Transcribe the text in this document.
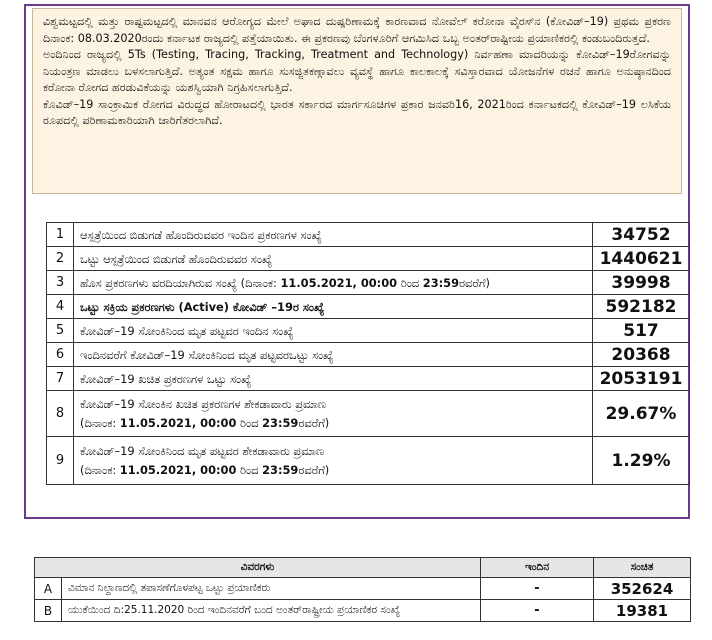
ವಿಶ್ವಮಟ್ಟದಲ್ಲಿ ಮತ್ತು ರಾಷ್ಟಮಟ್ಟದಲ್ಲಿ ಮಾನವನ ಆರೋಗ್ಯದ ಮೇಲೆ ಅಘಾದ ದುಷ್ಪರಿಣಾಮಕ್ಕೆ ಕಾರಣವಾದ ನೋವೆಲ್ ಕರೋನಾ ವೈರಸ್‌ನ (ಕೋವಿಡ್–19) ಪ್ರಥಮ ಪ್ರಕರಣ ದಿನಾಂಕ: 08.03.2020ರಂದು ಕರ್ನಾಟಕ ರಾಜ್ಯದಲ್ಲಿ ಪತ್ತೆಯಾಯಿತು. ಈ ಪ್ರಕರಣವು ಬೆಂಗಳೂರಿಗೆ ಆಗಮಿಸಿದ ಒಬ್ಬ ಅಂತರ್‌ರಾಷ್ಟೀಯ ಪ್ರಯಾಣಿಕರಲ್ಲಿ ಕಂಡುಬಂದಿರುತ್ತದೆ.

ಅಂದಿನಿಂದ ರಾಜ್ಯದಲ್ಲಿ 5Ts (Testing, Tracing, Tracking, Treatment and Technology) ನಿರ್ವಹಣಾ ಮಾದರಿಯನ್ನು ಕೋವಿಡ್–19ರೋಗವನ್ನು ನಿಯಂತ್ರಣ ಮಾಡಲು ಬಳಸಲಾಗುತ್ತಿದೆ. ಅತ್ಯಂತ ಸಕ್ಷಮ ಹಾಗೂ ಸುಸಜ್ಜಿತಕಣ್ಗಾವಲು ವ್ಯವಸ್ಥೆ ಹಾಗೂ ಕಾಲಕಾಲಕ್ಕೆ ಸವಿಸ್ತಾರವಾದ ಯೋಜನೆಗಳ ರಚನೆ ಹಾಗೂ ಅನುಷ್ಠಾನದಿಂದ ಕರೋನಾ ರೋಗದ ಹರಡುವಿಕೆಯನ್ನು ಯಶಸ್ವಿಯಾಗಿ ನಿಗ್ರಹಿಸಲಾಗುತ್ತಿದೆ.

ಕೊವಿಡ್–19 ಸಾಂಕ್ರಾಮಿಕ ರೋಗದ ವಿರುದ್ಧದ ಹೋರಾಟದಲ್ಲಿ ಭಾರತ ಸರ್ಕಾರದ ಮಾರ್ಗಸೂಚಿಗಳ ಪ್ರಕಾರ ಜನವರಿ16, 2021ರಿಂದ ಕರ್ನಾಟಕದಲ್ಲಿ ಕೋವಿಡ್–19 ಲಸಿಕೆಯ ರೂಪದಲ್ಲಿ ಪರಿಣಾಮಕಾರಿಯಾಗಿ ಜಾರಿಗೆತರಲಾಗಿದೆ.

1	ಆಸ್ಪತ್ರೆಯಿಂದ ಬಿಡುಗಡೆ ಹೊಂದಿರುವವರ ಇಂದಿನ ಪ್ರಕರಣಗಳ ಸಂಖ್ಯೆ	34752
2	ಒಟ್ಟು ಆಸ್ಪತ್ರೆಯಿಂದ ಬಿಡುಗಡೆ ಹೊಂದಿರುವವರ ಸಂಖ್ಯೆ	1440621
3	ಹೊಸ ಪ್ರಕರಣಗಳು ವರದಿಯಾಗಿರುವ ಸಂಖ್ಯೆ (ದಿನಾಂಕ: 11.05.2021, 00:00 ರಿಂದ 23:59ರವರೆಗೆ)	39998
4	ಒಟ್ಟು ಸಕ್ರಿಯ ಪ್ರಕರಣಗಳು (Active) ಕೋವಿಡ್ –19ರ ಸಂಖ್ಯೆ	592182
5	ಕೋವಿಡ್–19 ಸೋಂಕಿನಿಂದ ಮೃತ ಪಟ್ಟವರ ಇಂದಿನ ಸಂಖ್ಯೆ	517
6	ಇಂದಿನವರೆಗೆ ಕೋವಿಡ್–19 ಸೋಂಕಿನಿಂದ ಮೃತ ಪಟ್ಟವರಒಟ್ಟು ಸಂಖ್ಯೆ	20368
7	ಕೋವಿಡ್–19 ಖಚಿತ ಪ್ರಕರಣಗಳ ಒಟ್ಟು ಸಂಖ್ಯೆ	2053191
8	ಕೋವಿಡ್–19 ಸೋಂಕಿನ ಖಚಿತ ಪ್ರಕರಣಗಳ ಶೇಕಡಾವಾರು ಪ್ರಮಾಣ
(ದಿನಾಂಕ: 11.05.2021, 00:00 ರಿಂದ 23:59ರವರೆಗೆ)	29.67%
9	ಕೋವಿಡ್–19 ಸೋಂಕಿನಿಂದ ಮೃತ ಪಟ್ಟವರ ಶೇಕಡಾವಾರು ಪ್ರಮಾಣ
(ದಿನಾಂಕ: 11.05.2021, 00:00 ರಿಂದ 23:59ರವರೆಗೆ)	1.29%
ವಿವರಗಳು		ಇಂದಿನ	ಸಂಚಿತ
A	ವಿಮಾನ ನಿಲ್ದಾಣದಲ್ಲಿ ತಪಾಸಣೆಗೊಳಪಟ್ಟ ಒಟ್ಟು ಪ್ರಯಾಣಿಕರು	-	352624
B	ಯುಕೆಯಿಂದ ದಿ:25.11.2020 ರಿಂದ ಇಂದಿನವರೆಗೆ ಬಂದ ಅಂತರ್‌ರಾಷ್ಟ್ರೀಯ ಪ್ರಯಾಣಿಕರ ಸಂಖ್ಯೆ	-	19381
